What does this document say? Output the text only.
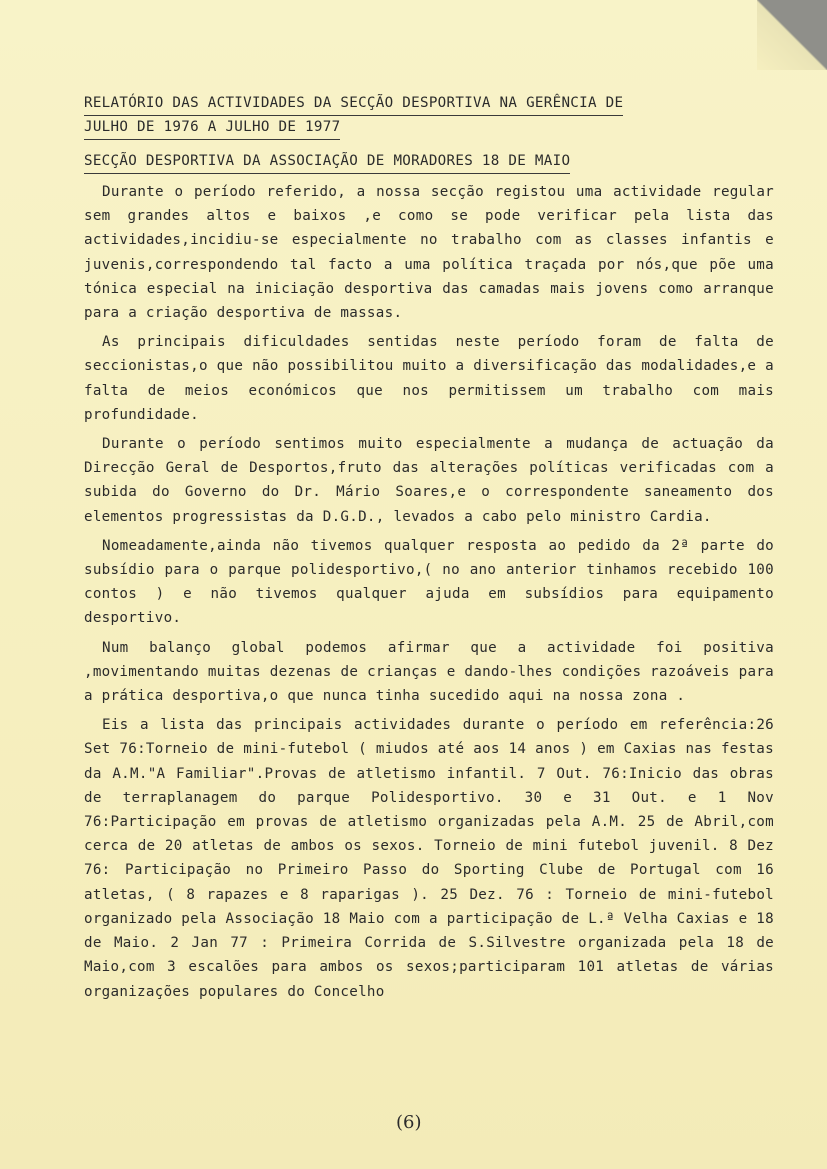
RELATÓRIO DAS ACTIVIDADES DA SECÇÃO DESPORTIVA NA GERÊNCIA DE
JULHO DE 1976 A JULHO DE 1977
SECÇÃO DESPORTIVA DA ASSOCIAÇÃO DE MORADORES 18 DE MAIO

Durante o período referido, a nossa secção registou uma actividade regular sem grandes altos e baixos ,e como se pode verificar pela lista das actividades,incidiu-se especialmente no trabalho com as classes infantis e juvenis,correspondendo tal facto a uma política traçada por nós,que põe uma tónica especial na iniciação desportiva das camadas mais jovens como arranque para a criação desportiva de massas.

As principais dificuldades sentidas neste período foram de falta de seccionistas,o que não possibilitou muito a diversificação das modalidades,e a falta de meios económicos que nos permitissem um trabalho com mais profundidade.

Durante o período sentimos muito especialmente a mudança de actuação da Direcção Geral de Desportos,fruto das alterações políticas verificadas com a subida do Governo do Dr. Mário Soares,e o correspondente saneamento dos elementos progressistas da D.G.D., levados a cabo pelo ministro Cardia.

Nomeadamente,ainda não tivemos qualquer resposta ao pedido da 2ª parte do subsídio para o parque polidesportivo,( no ano anterior tinhamos recebido 100 contos ) e não tivemos qualquer ajuda em subsídios para equipamento desportivo.

Num balanço global podemos afirmar que a actividade foi positiva ,movimentando muitas dezenas de crianças e dando-lhes condições razoáveis para a prática desportiva,o que nunca tinha sucedido aqui na nossa zona .

Eis a lista das principais actividades durante o período em referência:26 Set 76:Torneio de mini-futebol ( miudos até aos 14 anos ) em Caxias nas festas da A.M."A Familiar".Provas de atletismo infantil. 7 Out. 76:Inicio das obras de terraplanagem do parque Polidesportivo. 30 e 31 Out. e 1 Nov 76:Participação em provas de atletismo organizadas pela A.M. 25 de Abril,com cerca de 20 atletas de ambos os sexos. Torneio de mini futebol juvenil. 8 Dez 76: Participação no Primeiro Passo do Sporting Clube de Portugal com 16 atletas, ( 8 rapazes e 8 raparigas ). 25 Dez. 76 : Torneio de mini-futebol organizado pela Associação 18 Maio com a participação de L.ª Velha Caxias e 18 de Maio. 2 Jan 77 : Primeira Corrida de S.Silvestre organizada pela 18 de Maio,com 3 escalões para ambos os sexos;participaram 101 atletas de várias organizações populares do Concelho

(6)
